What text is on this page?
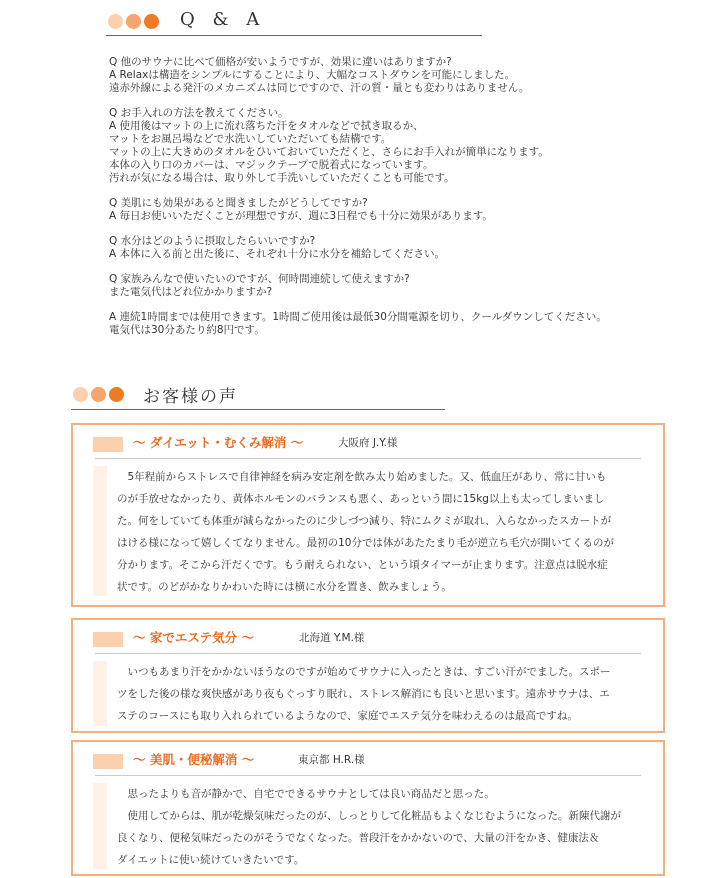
Q & A
Q 他のサウナに比べて価格が安いようですが、効果に違いはありますか?
A Relaxは構造をシンプルにすることにより、大幅なコストダウンを可能にしました。
遠赤外線による発汗のメカニズムは同じですので、汗の質・量とも変わりはありません。
Q お手入れの方法を教えてください。
A 使用後はマットの上に流れ落ちた汗をタオルなどで拭き取るか、
マットをお風呂場などで水洗いしていただいても結構です。
マットの上に大きめのタオルをひいておいていただくと、さらにお手入れが簡単になります。
本体の入り口のカバーは、マジックテープで脱着式になっています。
汚れが気になる場合は、取り外して手洗いしていただくことも可能です。
Q 美肌にも効果があると聞きましたがどうしてですか?
A 毎日お使いいただくことが理想ですが、週に3日程でも十分に効果があります。
Q 水分はどのように摂取したらいいですか?
A 本体に入る前と出た後に、それぞれ十分に水分を補給してください。
Q 家族みんなで使いたいのですが、何時間連続して使えますか?
また電気代はどれ位かかりますか?
A 連続1時間までは使用できます。1時間ご使用後は最低30分間電源を切り、クールダウンしてください。
電気代は30分あたり約8円です。
お客様の声
〜 ダイエット・むくみ解消 〜	大阪府 J.Y.様

　5年程前からストレスで自律神経を病み安定剤を飲み太り始めました。又、低血圧があり、常に甘いも

のが手放せなかったり、黄体ホルモンのバランスも悪く、あっという間に15kg以上も太ってしまいまし

た。何をしていても体重が減らなかったのに少しづつ減り、特にムクミが取れ、入らなかったスカートが

はける様になって嬉しくてなりません。最初の10分では体があたたまり毛が逆立ち毛穴が開いてくるのが

分かります。そこから汗だくです。もう耐えられない、という頃タイマーが止まります。注意点は脱水症

状です。のどがかなりかわいた時には横に水分を置き、飲みましょう。

〜 家でエステ気分 〜	北海道 Y.M.様

　いつもあまり汗をかかないほうなのですが始めてサウナに入ったときは、すごい汗がでました。スポー

ツをした後の様な爽快感があり夜もぐっすり眠れ、ストレス解消にも良いと思います。遠赤サウナは、エ

ステのコースにも取り入れられているようなので、家庭でエステ気分を味わえるのは最高ですね。

〜 美肌・便秘解消 〜	東京都 H.R.様

　思ったよりも音が静かで、自宅でできるサウナとしては良い商品だと思った。

　使用してからは、肌が乾燥気味だったのが、しっとりして化粧品もよくなじむようになった。新陳代謝が

良くなり、便秘気味だったのがそうでなくなった。普段汗をかかないので、大量の汗をかき、健康法＆

ダイエットに使い続けていきたいです。
